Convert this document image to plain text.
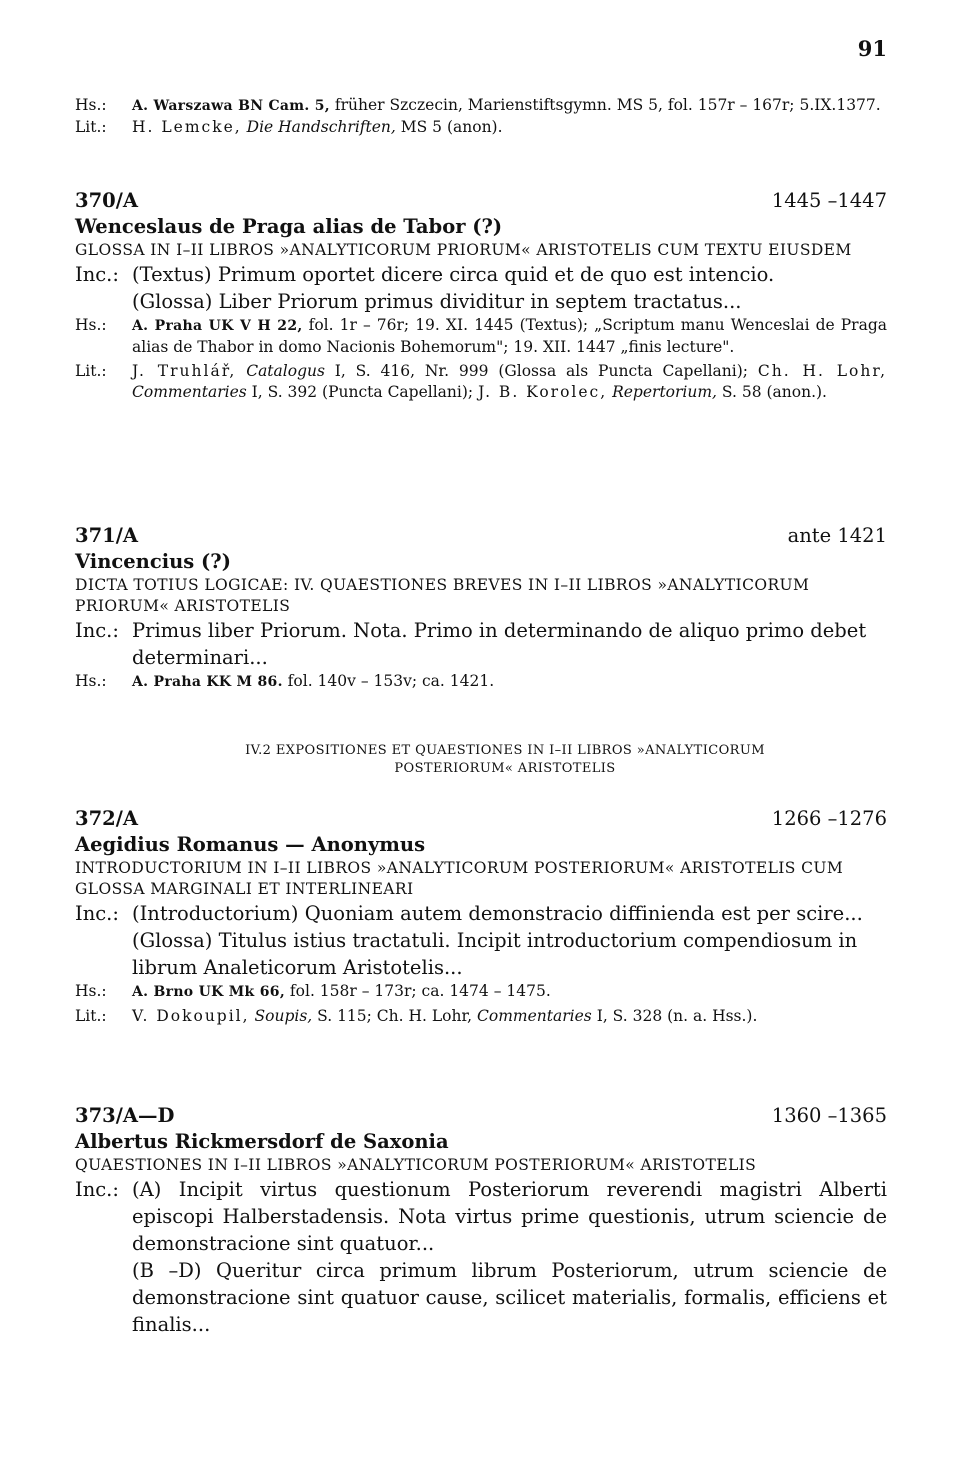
91
Hs.: A. Warszawa BN Cam. 5, früher Szczecin, Marienstiftsgymn. MS 5, fol. 157r – 167r; 5.IX.1377.
Lit.: H. Lemcke, Die Handschriften, MS 5 (anon).
370/A	1445 –1447
Wenceslaus de Praga alias de Tabor (?)
GLOSSA IN I–II LIBROS »ANALYTICORUM PRIORUM« ARISTOTELIS CUM TEXTU EIUSDEM
Inc.: (Textus) Primum oportet dicere circa quid et de quo est intencio.

(Glossa) Liber Priorum primus dividitur in septem tractatus...

Hs.: A. Praha UK V H 22, fol. 1r – 76r; 19. XI. 1445 (Textus); „Scriptum manu Wenceslai de Praga alias de Thabor in domo Nacionis Bohemorum"; 19. XII. 1447 „finis lecture".
Lit.: J. Truhlář, Catalogus I, S. 416, Nr. 999 (Glossa als Puncta Capellani); Ch. H. Lohr, Commentaries I, S. 392 (Puncta Capellani); J. B. Korolec, Repertorium, S. 58 (anon.).
371/A	ante 1421
Vincencius (?)
DICTA TOTIUS LOGICAE: IV. QUAESTIONES BREVES IN I–II LIBROS »ANALYTICORUM PRIORUM« ARISTOTELIS
Inc.: Primus liber Priorum. Nota. Primo in determinando de aliquo primo debet determinari...

Hs.: A. Praha KK M 86. fol. 140v – 153v; ca. 1421.
IV.2 EXPOSITIONES ET QUAESTIONES IN I–II LIBROS »ANALYTICORUM POSTERIORUM« ARISTOTELIS
372/A	1266 –1276
Aegidius Romanus — Anonymus
INTRODUCTORIUM IN I–II LIBROS »ANALYTICORUM POSTERIORUM« ARISTOTELIS CUM GLOSSA MARGINALI ET INTERLINEARI
Inc.: (Introductorium) Quoniam autem demonstracio diffinienda est per scire...

(Glossa) Titulus istius tractatuli. Incipit introductorium compendiosum in librum Analeticorum Aristotelis...

Hs.: A. Brno UK Mk 66, fol. 158r – 173r; ca. 1474 – 1475.
Lit.: V. Dokoupil, Soupis, S. 115; Ch. H. Lohr, Commentaries I, S. 328 (n. a. Hss.).
373/A—D	1360 –1365
Albertus Rickmersdorf de Saxonia
QUAESTIONES IN I–II LIBROS »ANALYTICORUM POSTERIORUM« ARISTOTELIS
Inc.: (A) Incipit virtus questionum Posteriorum reverendi magistri Alberti episcopi Halberstadensis. Nota virtus prime questionis, utrum sciencie de demonstracione sint quatuor...

(B –D) Queritur circa primum librum Posteriorum, utrum sciencie de demonstracione sint quatuor cause, scilicet materialis, formalis, efficiens et finalis...
